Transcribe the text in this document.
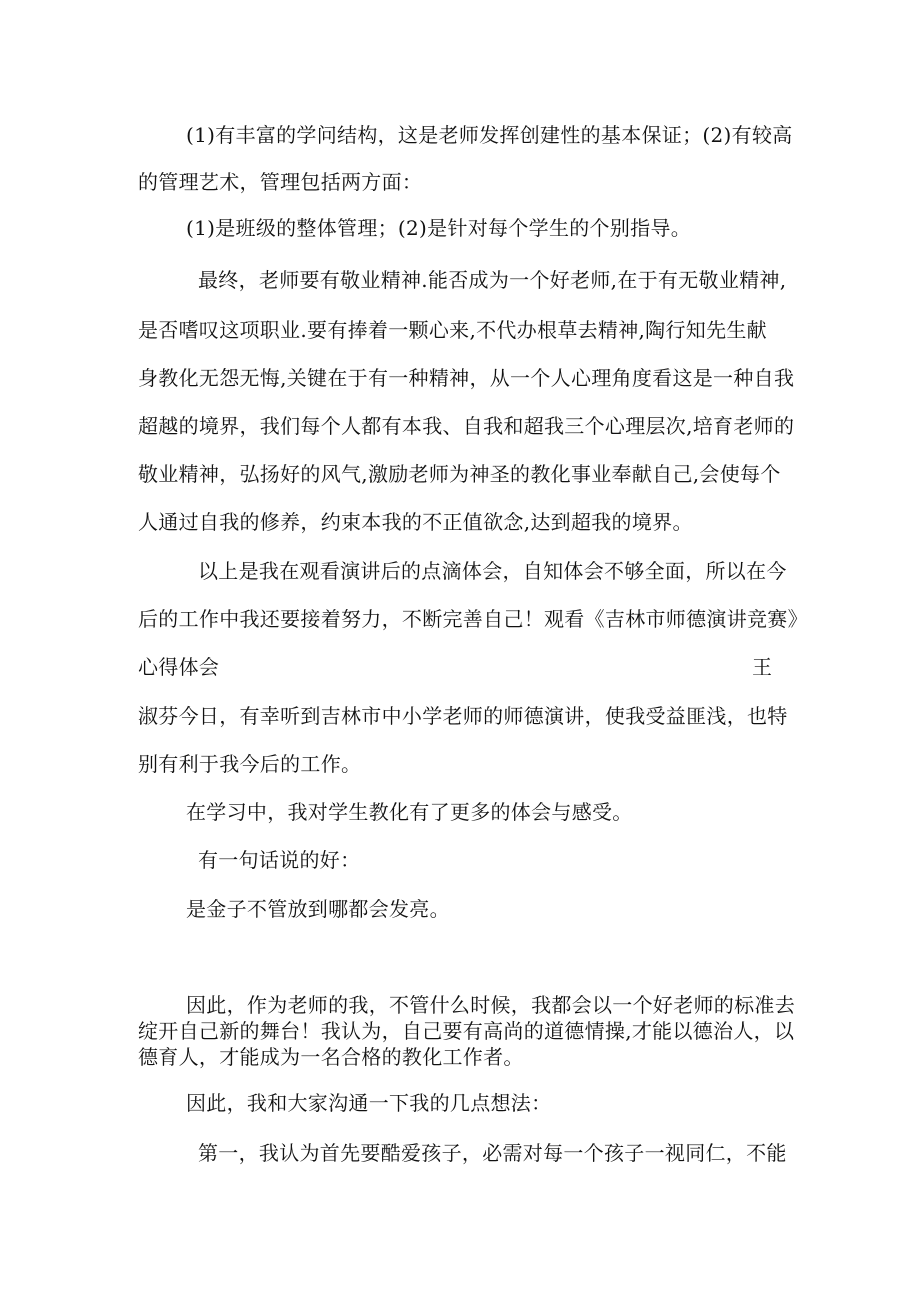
(1)有丰富的学问结构，这是老师发挥创建性的基本保证；(2)有较高
的管理艺术，管理包括两方面：
(1)是班级的整体管理；(2)是针对每个学生的个别指导。
最终，老师要有敬业精神.能否成为一个好老师,在于有无敬业精神,
是否嗜叹这项职业.要有捧着一颗心来,不代办根草去精神,陶行知先生献
身教化无怨无悔,关键在于有一种精神，从一个人心理角度看这是一种自我
超越的境界，我们每个人都有本我、自我和超我三个心理层次,培育老师的
敬业精神，弘扬好的风气,激励老师为神圣的教化事业奉献自己,会使每个
人通过自我的修养，约束本我的不正值欲念,达到超我的境界。
以上是我在观看演讲后的点滴体会，自知体会不够全面，所以在今
后的工作中我还要接着努力，不断完善自己！观看《吉林市师德演讲竞赛》
心得体会	王
淑芬今日，有幸听到吉林市中小学老师的师德演讲，使我受益匪浅，也特
别有利于我今后的工作。
在学习中，我对学生教化有了更多的体会与感受。
有一句话说的好：
是金子不管放到哪都会发亮。
因此，作为老师的我，不管什么时候，我都会以一个好老师的标准去
绽开自己新的舞台！我认为，自己要有高尚的道德情操,才能以德治人，以
德育人，才能成为一名合格的教化工作者。
因此，我和大家沟通一下我的几点想法：
第一，我认为首先要酷爱孩子，必需对每一个孩子一视同仁，不能
